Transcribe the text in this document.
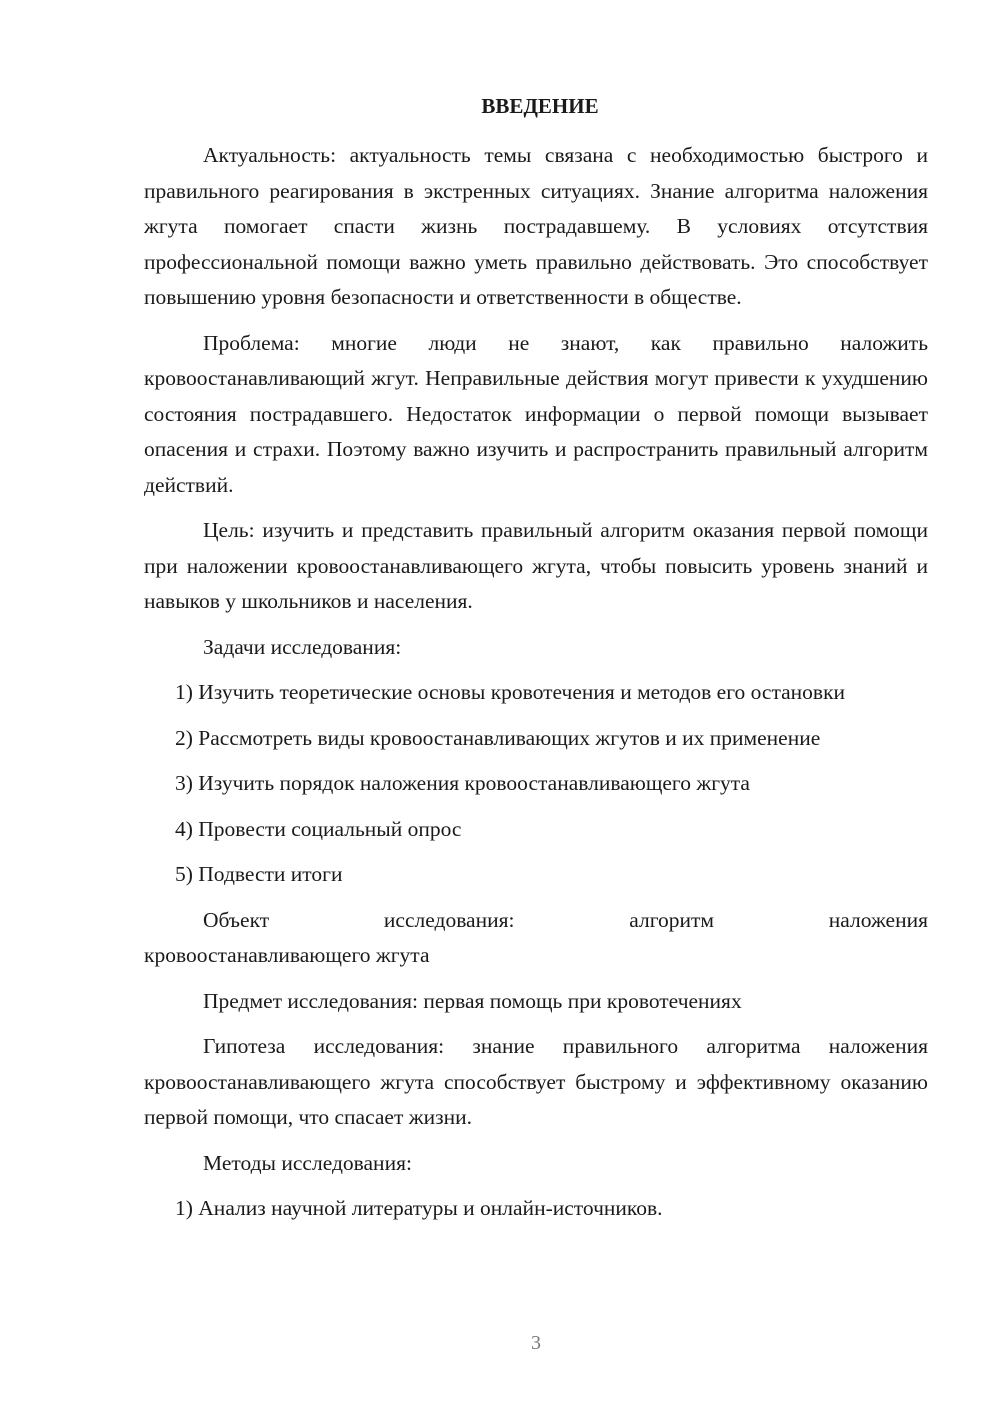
ВВЕДЕНИЕ

Актуальность: актуальность темы связана с необходимостью быстрого и правильного реагирования в экстренных ситуациях. Знание алгоритма наложения жгута помогает спасти жизнь пострадавшему. В условиях отсутствия профессиональной помощи важно уметь правильно действовать. Это способствует повышению уровня безопасности и ответственности в обществе.

Проблема: многие люди не знают, как правильно наложить кровоостанавливающий жгут. Неправильные действия могут привести к ухудшению состояния пострадавшего. Недостаток информации о первой помощи вызывает опасения и страхи. Поэтому важно изучить и распространить правильный алгоритм действий.

Цель: изучить и представить правильный алгоритм оказания первой помощи при наложении кровоостанавливающего жгута, чтобы повысить уровень знаний и навыков у школьников и населения.

Задачи исследования:

1) Изучить теоретические основы кровотечения и методов его остановки

2) Рассмотреть виды кровоостанавливающих жгутов и их применение

3) Изучить порядок наложения кровоостанавливающего жгута

4) Провести социальный опрос

5) Подвести итоги

Объект	исследования:	алгоритм	наложения

кровоостанавливающего жгута

Предмет исследования: первая помощь при кровотечениях

Гипотеза исследования: знание правильного алгоритма наложения кровоостанавливающего жгута способствует быстрому и эффективному оказанию первой помощи, что спасает жизни.

Методы исследования:

1) Анализ научной литературы и онлайн-источников.

3
